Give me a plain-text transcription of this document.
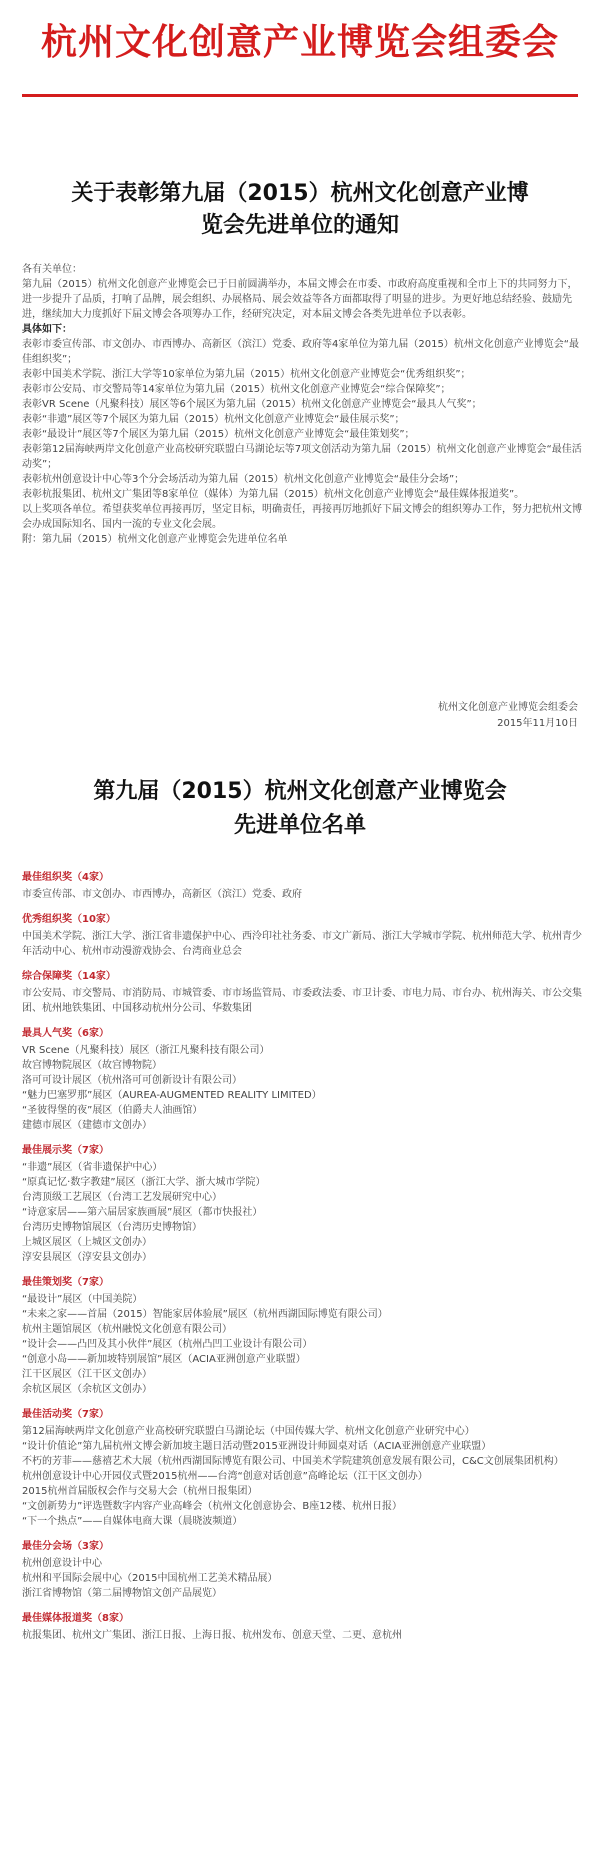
杭州文化创意产业博览会组委会
关于表彰第九届（2015）杭州文化创意产业博
览会先进单位的通知

各有关单位：

第九届（2015）杭州文化创意产业博览会已于日前圆满举办，本届文博会在市委、市政府高度重视和全市上下的共同努力下，进一步提升了品质，打响了品牌，展会组织、办展格局、展会效益等各方面都取得了明显的进步。为更好地总结经验、鼓励先进，继续加大力度抓好下届文博会各项筹办工作，经研究决定，对本届文博会各类先进单位予以表彰。

具体如下：

表彰市委宣传部、市文创办、市西博办、高新区（滨江）党委、政府等4家单位为第九届（2015）杭州文化创意产业博览会“最佳组织奖”；

表彰中国美术学院、浙江大学等10家单位为第九届（2015）杭州文化创意产业博览会“优秀组织奖”；

表彰市公安局、市交警局等14家单位为第九届（2015）杭州文化创意产业博览会“综合保障奖”；

表彰VR Scene（凡聚科技）展区等6个展区为第九届（2015）杭州文化创意产业博览会“最具人气奖”；

表彰“非遗”展区等7个展区为第九届（2015）杭州文化创意产业博览会“最佳展示奖”；

表彰“最设计”展区等7个展区为第九届（2015）杭州文化创意产业博览会“最佳策划奖”；

表彰第12届海峡两岸文化创意产业高校研究联盟白马湖论坛等7项文创活动为第九届（2015）杭州文化创意产业博览会“最佳活动奖”；

表彰杭州创意设计中心等3个分会场活动为第九届（2015）杭州文化创意产业博览会“最佳分会场”；

表彰杭报集团、杭州文广集团等8家单位（媒体）为第九届（2015）杭州文化创意产业博览会“最佳媒体报道奖”。

以上奖项各单位。希望获奖单位再接再厉，坚定目标，明确责任，再接再厉地抓好下届文博会的组织筹办工作，努力把杭州文博会办成国际知名、国内一流的专业文化会展。

附：第九届（2015）杭州文化创意产业博览会先进单位名单

杭州文化创意产业博览会组委会
2015年11月10日
第九届（2015）杭州文化创意产业博览会
先进单位名单
最佳组织奖（4家）

市委宣传部、市文创办、市西博办，高新区（滨江）党委、政府

优秀组织奖（10家）

中国美术学院、浙江大学、浙江省非遗保护中心、西泠印社社务委、市文广新局、浙江大学城市学院、杭州师范大学、杭州青少年活动中心、杭州市动漫游戏协会、台湾商业总会

综合保障奖（14家）

市公安局、市交警局、市消防局、市城管委、市市场监管局、市委政法委、市卫计委、市电力局、市台办、杭州海关、市公交集团、杭州地铁集团、中国移动杭州分公司、华数集团

最具人气奖（6家）

VR Scene（凡聚科技）展区（浙江凡聚科技有限公司）

故宫博物院展区（故宫博物院）

洛可可设计展区（杭州洛可可创新设计有限公司）

“魅力巴塞罗那”展区（AUREA-AUGMENTED REALITY LIMITED）

“圣彼得堡的夜”展区（伯爵夫人油画馆）

建德市展区（建德市文创办）

最佳展示奖（7家）

“非遗”展区（省非遗保护中心）

“原真记忆·数字教建”展区（浙江大学、浙大城市学院）

台湾顶级工艺展区（台湾工艺发展研究中心）

“诗意家居——第六届居家族画展”展区（都市快报社）

台湾历史博物馆展区（台湾历史博物馆）

上城区展区（上城区文创办）

淳安县展区（淳安县文创办）

最佳策划奖（7家）

“最设计”展区（中国美院）

“未来之家——首届（2015）智能家居体验展”展区（杭州西湖国际博览有限公司）

杭州主题馆展区（杭州融悦文化创意有限公司）

“设计会——凸凹及其小伙伴”展区（杭州凸凹工业设计有限公司）

“创意小岛——新加坡特别展馆”展区（ACIA亚洲创意产业联盟）

江干区展区（江干区文创办）

余杭区展区（余杭区文创办）

最佳活动奖（7家）

第12届海峡两岸文化创意产业高校研究联盟白马湖论坛（中国传媒大学、杭州文化创意产业研究中心）

“设计价值论”第九届杭州文博会新加坡主题日活动暨2015亚洲设计师圆桌对话（ACIA亚洲创意产业联盟）

不朽的芳菲——慈禧艺术大展（杭州西湖国际博览有限公司、中国美术学院建筑创意发展有限公司，C&C文创展集团机构）

杭州创意设计中心开园仪式暨2015杭州——台湾“创意对话创意”高峰论坛（江干区文创办）

2015杭州首届版权会作与交易大会（杭州日报集团）

“文创新势力”评选暨数字内容产业高峰会（杭州文化创意协会、B座12楼、杭州日报）

“下一个热点”——自媒体电商大课（晨晓波频道）

最佳分会场（3家）

杭州创意设计中心

杭州和平国际会展中心（2015中国杭州工艺美术精品展）

浙江省博物馆（第二届博物馆文创产品展览）

最佳媒体报道奖（8家）

杭报集团、杭州文广集团、浙江日报、上海日报、杭州发布、创意天堂、二更、意杭州
